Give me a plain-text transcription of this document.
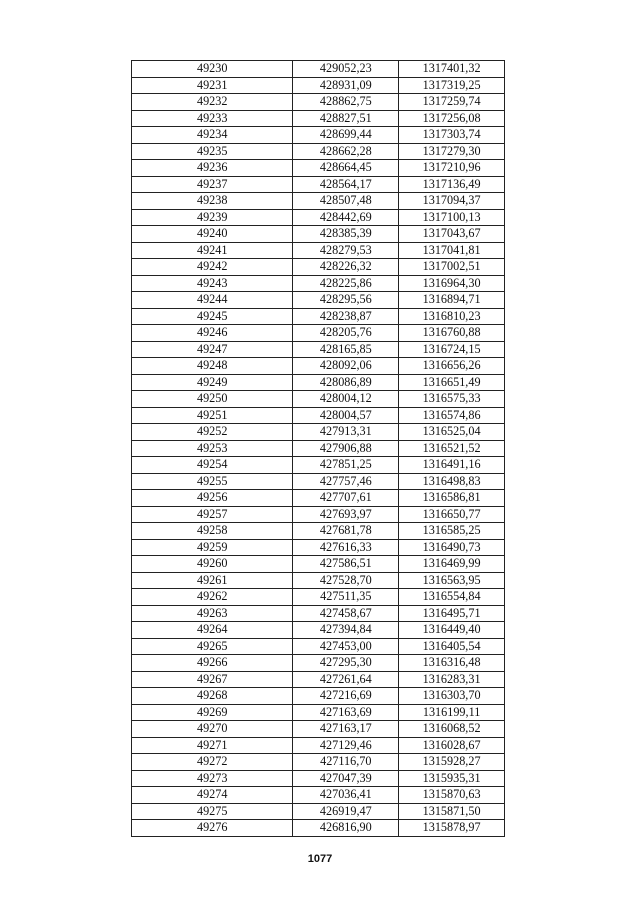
49230	429052,23	1317401,32
49231	428931,09	1317319,25
49232	428862,75	1317259,74
49233	428827,51	1317256,08
49234	428699,44	1317303,74
49235	428662,28	1317279,30
49236	428664,45	1317210,96
49237	428564,17	1317136,49
49238	428507,48	1317094,37
49239	428442,69	1317100,13
49240	428385,39	1317043,67
49241	428279,53	1317041,81
49242	428226,32	1317002,51
49243	428225,86	1316964,30
49244	428295,56	1316894,71
49245	428238,87	1316810,23
49246	428205,76	1316760,88
49247	428165,85	1316724,15
49248	428092,06	1316656,26
49249	428086,89	1316651,49
49250	428004,12	1316575,33
49251	428004,57	1316574,86
49252	427913,31	1316525,04
49253	427906,88	1316521,52
49254	427851,25	1316491,16
49255	427757,46	1316498,83
49256	427707,61	1316586,81
49257	427693,97	1316650,77
49258	427681,78	1316585,25
49259	427616,33	1316490,73
49260	427586,51	1316469,99
49261	427528,70	1316563,95
49262	427511,35	1316554,84
49263	427458,67	1316495,71
49264	427394,84	1316449,40
49265	427453,00	1316405,54
49266	427295,30	1316316,48
49267	427261,64	1316283,31
49268	427216,69	1316303,70
49269	427163,69	1316199,11
49270	427163,17	1316068,52
49271	427129,46	1316028,67
49272	427116,70	1315928,27
49273	427047,39	1315935,31
49274	427036,41	1315870,63
49275	426919,47	1315871,50
49276	426816,90	1315878,97
1077
